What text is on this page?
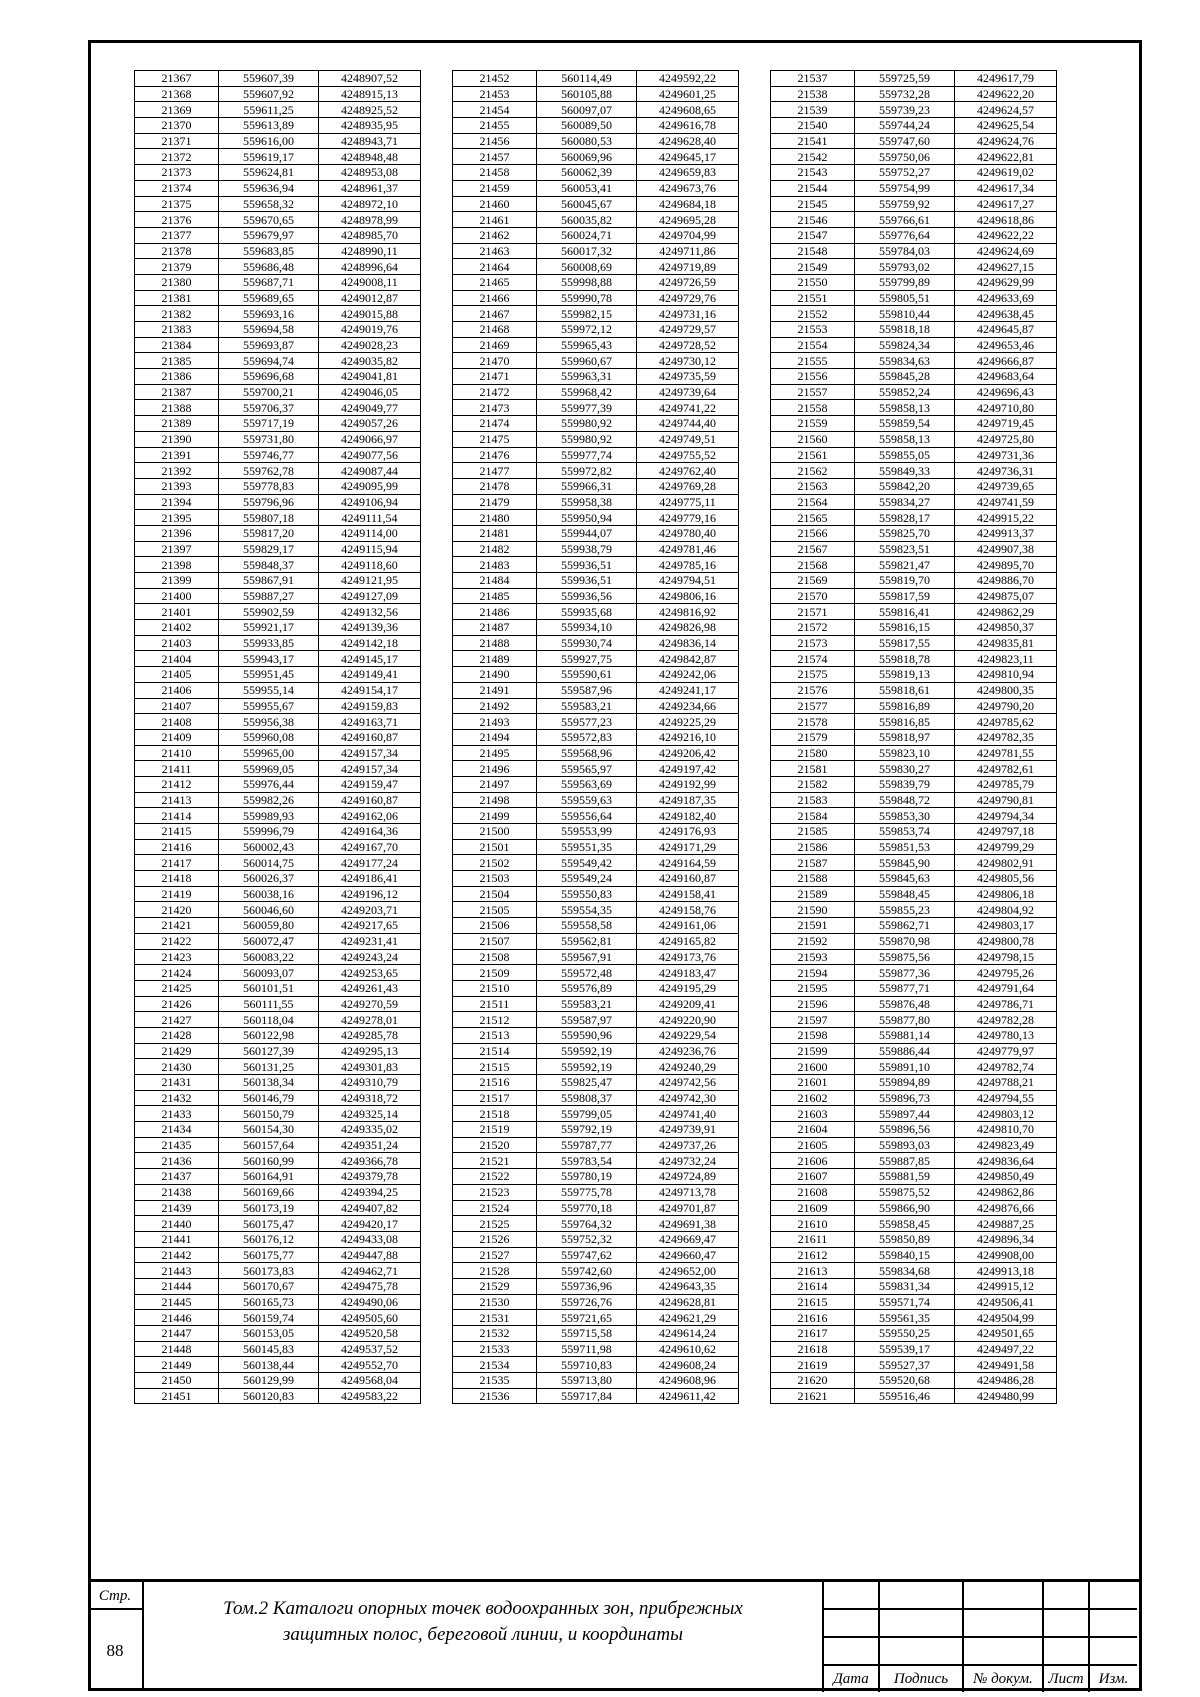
21367	559607,39	4248907,52
21368	559607,92	4248915,13
21369	559611,25	4248925,52
21370	559613,89	4248935,95
21371	559616,00	4248943,71
21372	559619,17	4248948,48
21373	559624,81	4248953,08
21374	559636,94	4248961,37
21375	559658,32	4248972,10
21376	559670,65	4248978,99
21377	559679,97	4248985,70
21378	559683,85	4248990,11
21379	559686,48	4248996,64
21380	559687,71	4249008,11
21381	559689,65	4249012,87
21382	559693,16	4249015,88
21383	559694,58	4249019,76
21384	559693,87	4249028,23
21385	559694,74	4249035,82
21386	559696,68	4249041,81
21387	559700,21	4249046,05
21388	559706,37	4249049,77
21389	559717,19	4249057,26
21390	559731,80	4249066,97
21391	559746,77	4249077,56
21392	559762,78	4249087,44
21393	559778,83	4249095,99
21394	559796,96	4249106,94
21395	559807,18	4249111,54
21396	559817,20	4249114,00
21397	559829,17	4249115,94
21398	559848,37	4249118,60
21399	559867,91	4249121,95
21400	559887,27	4249127,09
21401	559902,59	4249132,56
21402	559921,17	4249139,36
21403	559933,85	4249142,18
21404	559943,17	4249145,17
21405	559951,45	4249149,41
21406	559955,14	4249154,17
21407	559955,67	4249159,83
21408	559956,38	4249163,71
21409	559960,08	4249160,87
21410	559965,00	4249157,34
21411	559969,05	4249157,34
21412	559976,44	4249159,47
21413	559982,26	4249160,87
21414	559989,93	4249162,06
21415	559996,79	4249164,36
21416	560002,43	4249167,70
21417	560014,75	4249177,24
21418	560026,37	4249186,41
21419	560038,16	4249196,12
21420	560046,60	4249203,71
21421	560059,80	4249217,65
21422	560072,47	4249231,41
21423	560083,22	4249243,24
21424	560093,07	4249253,65
21425	560101,51	4249261,43
21426	560111,55	4249270,59
21427	560118,04	4249278,01
21428	560122,98	4249285,78
21429	560127,39	4249295,13
21430	560131,25	4249301,83
21431	560138,34	4249310,79
21432	560146,79	4249318,72
21433	560150,79	4249325,14
21434	560154,30	4249335,02
21435	560157,64	4249351,24
21436	560160,99	4249366,78
21437	560164,91	4249379,78
21438	560169,66	4249394,25
21439	560173,19	4249407,82
21440	560175,47	4249420,17
21441	560176,12	4249433,08
21442	560175,77	4249447,88
21443	560173,83	4249462,71
21444	560170,67	4249475,78
21445	560165,73	4249490,06
21446	560159,74	4249505,60
21447	560153,05	4249520,58
21448	560145,83	4249537,52
21449	560138,44	4249552,70
21450	560129,99	4249568,04
21451	560120,83	4249583,22
21452	560114,49	4249592,22
21453	560105,88	4249601,25
21454	560097,07	4249608,65
21455	560089,50	4249616,78
21456	560080,53	4249628,40
21457	560069,96	4249645,17
21458	560062,39	4249659,83
21459	560053,41	4249673,76
21460	560045,67	4249684,18
21461	560035,82	4249695,28
21462	560024,71	4249704,99
21463	560017,32	4249711,86
21464	560008,69	4249719,89
21465	559998,88	4249726,59
21466	559990,78	4249729,76
21467	559982,15	4249731,16
21468	559972,12	4249729,57
21469	559965,43	4249728,52
21470	559960,67	4249730,12
21471	559963,31	4249735,59
21472	559968,42	4249739,64
21473	559977,39	4249741,22
21474	559980,92	4249744,40
21475	559980,92	4249749,51
21476	559977,74	4249755,52
21477	559972,82	4249762,40
21478	559966,31	4249769,28
21479	559958,38	4249775,11
21480	559950,94	4249779,16
21481	559944,07	4249780,40
21482	559938,79	4249781,46
21483	559936,51	4249785,16
21484	559936,51	4249794,51
21485	559936,56	4249806,16
21486	559935,68	4249816,92
21487	559934,10	4249826,98
21488	559930,74	4249836,14
21489	559927,75	4249842,87
21490	559590,61	4249242,06
21491	559587,96	4249241,17
21492	559583,21	4249234,66
21493	559577,23	4249225,29
21494	559572,83	4249216,10
21495	559568,96	4249206,42
21496	559565,97	4249197,42
21497	559563,69	4249192,99
21498	559559,63	4249187,35
21499	559556,64	4249182,40
21500	559553,99	4249176,93
21501	559551,35	4249171,29
21502	559549,42	4249164,59
21503	559549,24	4249160,87
21504	559550,83	4249158,41
21505	559554,35	4249158,76
21506	559558,58	4249161,06
21507	559562,81	4249165,82
21508	559567,91	4249173,76
21509	559572,48	4249183,47
21510	559576,89	4249195,29
21511	559583,21	4249209,41
21512	559587,97	4249220,90
21513	559590,96	4249229,54
21514	559592,19	4249236,76
21515	559592,19	4249240,29
21516	559825,47	4249742,56
21517	559808,37	4249742,30
21518	559799,05	4249741,40
21519	559792,19	4249739,91
21520	559787,77	4249737,26
21521	559783,54	4249732,24
21522	559780,19	4249724,89
21523	559775,78	4249713,78
21524	559770,18	4249701,87
21525	559764,32	4249691,38
21526	559752,32	4249669,47
21527	559747,62	4249660,47
21528	559742,60	4249652,00
21529	559736,96	4249643,35
21530	559726,76	4249628,81
21531	559721,65	4249621,29
21532	559715,58	4249614,24
21533	559711,98	4249610,62
21534	559710,83	4249608,24
21535	559713,80	4249608,96
21536	559717,84	4249611,42
21537	559725,59	4249617,79
21538	559732,28	4249622,20
21539	559739,23	4249624,57
21540	559744,24	4249625,54
21541	559747,60	4249624,76
21542	559750,06	4249622,81
21543	559752,27	4249619,02
21544	559754,99	4249617,34
21545	559759,92	4249617,27
21546	559766,61	4249618,86
21547	559776,64	4249622,22
21548	559784,03	4249624,69
21549	559793,02	4249627,15
21550	559799,89	4249629,99
21551	559805,51	4249633,69
21552	559810,44	4249638,45
21553	559818,18	4249645,87
21554	559824,34	4249653,46
21555	559834,63	4249666,87
21556	559845,28	4249683,64
21557	559852,24	4249696,43
21558	559858,13	4249710,80
21559	559859,54	4249719,45
21560	559858,13	4249725,80
21561	559855,05	4249731,36
21562	559849,33	4249736,31
21563	559842,20	4249739,65
21564	559834,27	4249741,59
21565	559828,17	4249915,22
21566	559825,70	4249913,37
21567	559823,51	4249907,38
21568	559821,47	4249895,70
21569	559819,70	4249886,70
21570	559817,59	4249875,07
21571	559816,41	4249862,29
21572	559816,15	4249850,37
21573	559817,55	4249835,81
21574	559818,78	4249823,11
21575	559819,13	4249810,94
21576	559818,61	4249800,35
21577	559816,89	4249790,20
21578	559816,85	4249785,62
21579	559818,97	4249782,35
21580	559823,10	4249781,55
21581	559830,27	4249782,61
21582	559839,79	4249785,79
21583	559848,72	4249790,81
21584	559853,30	4249794,34
21585	559853,74	4249797,18
21586	559851,53	4249799,29
21587	559845,90	4249802,91
21588	559845,63	4249805,56
21589	559848,45	4249806,18
21590	559855,23	4249804,92
21591	559862,71	4249803,17
21592	559870,98	4249800,78
21593	559875,56	4249798,15
21594	559877,36	4249795,26
21595	559877,71	4249791,64
21596	559876,48	4249786,71
21597	559877,80	4249782,28
21598	559881,14	4249780,13
21599	559886,44	4249779,97
21600	559891,10	4249782,74
21601	559894,89	4249788,21
21602	559896,73	4249794,55
21603	559897,44	4249803,12
21604	559896,56	4249810,70
21605	559893,03	4249823,49
21606	559887,85	4249836,64
21607	559881,59	4249850,49
21608	559875,52	4249862,86
21609	559866,90	4249876,66
21610	559858,45	4249887,25
21611	559850,89	4249896,34
21612	559840,15	4249908,00
21613	559834,68	4249913,18
21614	559831,34	4249915,12
21615	559571,74	4249506,41
21616	559561,35	4249504,99
21617	559550,25	4249501,65
21618	559539,17	4249497,22
21619	559527,37	4249491,58
21620	559520,68	4249486,28
21621	559516,46	4249480,99
Стр.
88
Том.2 Каталоги опорных точек водоохранных зон, прибрежных
защитных полос, береговой линии, и координаты

Дата	Подпись	№ докум.	Лист	Изм.
